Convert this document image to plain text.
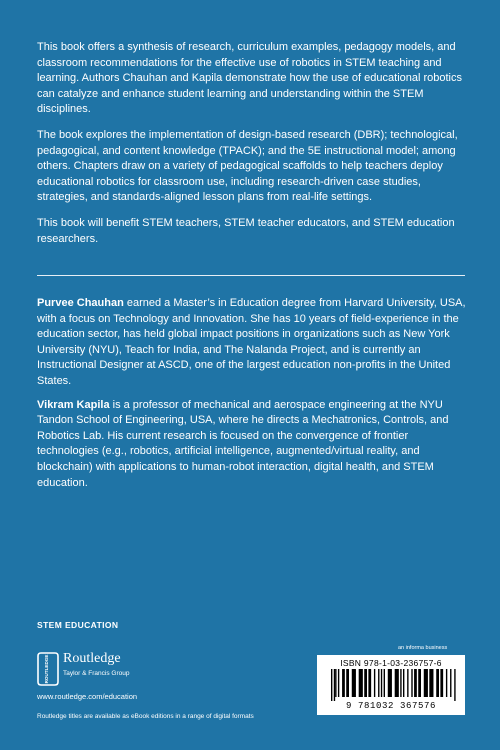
This book offers a synthesis of research, curriculum examples, pedagogy models, and classroom recommendations for the effective use of robotics in STEM teaching and learning. Authors Chauhan and Kapila demonstrate how the use of educational robotics can catalyze and enhance student learning and understanding within the STEM disciplines.

The book explores the implementation of design-based research (DBR); technological, pedagogical, and content knowledge (TPACK); and the 5E instructional model; among others. Chapters draw on a variety of pedagogical scaffolds to help teachers deploy educational robotics for classroom use, including research-driven case studies, strategies, and standards-aligned lesson plans from real-life settings.

This book will benefit STEM teachers, STEM teacher educators, and STEM education researchers.

Purvee Chauhan earned a Master’s in Education degree from Harvard University, USA, with a focus on Technology and Innovation. She has 10 years of field-experience in the education sector, has held global impact positions in organizations such as New York University (NYU), Teach for India, and The Nalanda Project, and is currently an Instructional Designer at ASCD, one of the largest education non-profits in the United States.

Vikram Kapila is a professor of mechanical and aerospace engineering at the NYU Tandon School of Engineering, USA, where he directs a Mechatronics, Controls, and Robotics Lab. His current research is focused on the convergence of frontier technologies (e.g., robotics, artificial intelligence, augmented/virtual reality, and blockchain) with applications to human-robot interaction, digital health, and STEM education.

STEM EDUCATION
ROUTLEDGE Routledge
Taylor & Francis Group
www.routledge.com/education
Routledge titles are available as eBook editions in a range of digital formats
an informa business
ISBN 978-1-03-236757-6
9 781032 367576
